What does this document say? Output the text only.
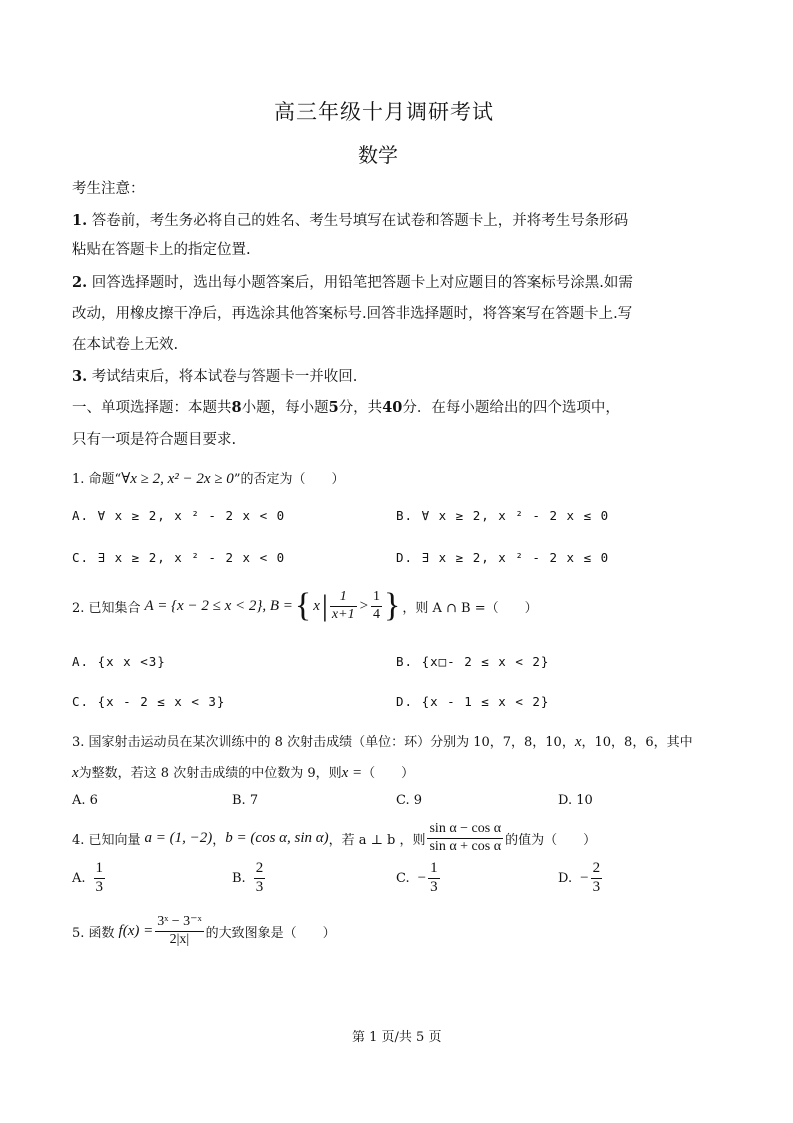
高三年级十月调研考试
数学
考生注意：
1. 答卷前，考生务必将自己的姓名、考生号填写在试卷和答题卡上，并将考生号条形码
粘贴在答题卡上的指定位置.
2. 回答选择题时，选出每小题答案后，用铅笔把答题卡上对应题目的答案标号涂黑.如需
改动，用橡皮擦干净后，再选涂其他答案标号.回答非选择题时，将答案写在答题卡上.写
在本试卷上无效.
3. 考试结束后，将本试卷与答题卡一并收回.
一、单项选择题：本题共8小题，每小题5分，共40分．在每小题给出的四个选项中，
只有一项是符合题目要求.
1. 命题“∀x ≥ 2, x² − 2x ≥ 0”的否定为（　　）
A. ∀ x ≥ 2, x ² - 2 x < 0	B. ∀ x ≥ 2, x ² - 2 x ≤ 0
C. ∃ x ≥ 2, x ² - 2 x < 0	D. ∃ x ≥ 2, x ² - 2 x ≤ 0
2. 已知集合 A = {x − 2 ≤ x < 2}, B = { x | $\frac{1}{x+1} > \frac{1}{4}$ } ，则 A ∩ B =（　　）
A. {x x <3}	B. {x□- 2 ≤ x < 2}
C. {x - 2 ≤ x < 3}	D. {x - 1 ≤ x < 2}
3. 国家射击运动员在某次训练中的 8 次射击成绩（单位：环）分别为 10，7，8，10，x，10，8，6，其中
x为整数，若这 8 次射击成绩的中位数为 9，则x =（　　）
A. 6	B. 7	C. 9	D. 10
4. 已知向量 a = (1, −2) ， b = (cos α, sin α) ，若 a ⊥ b ，则 $\frac{\text{sin α − cos α}}{\text{sin α + cos α}}$ 的值为（　　）
A. $\frac{1}{3}$	B. $\frac{2}{3}$	C. − $\frac{1}{3}$	D. − $\frac{2}{3}$
5. 函数 $f(x) = \frac{\text{3ˣ − 3⁻ˣ}}{2|x|}$ 的大致图象是（　　）
第 1 页/共 5 页
